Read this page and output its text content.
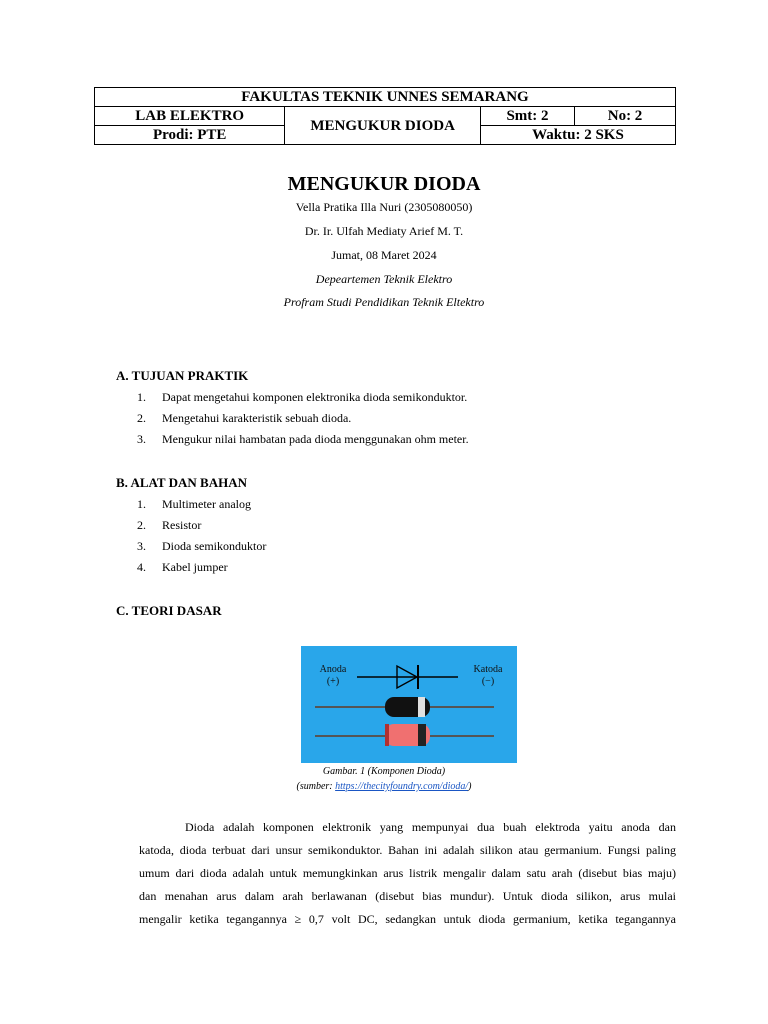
FAKULTAS TEKNIK UNNES SEMARANG			
LAB ELEKTRO	MENGUKUR DIODA	Smt: 2	No: 2
Prodi: PTE		Waktu: 2 SKS	
MENGUKUR DIODA
Vella Pratika Illa Nuri (2305080050)
Dr. Ir. Ulfah Mediaty Arief M. T.
Jumat, 08 Maret 2024
Depeartemen Teknik Elektro
Profram Studi Pendidikan Teknik Eltektro
A. TUJUAN PRAKTIK
1. Dapat mengetahui komponen elektronika dioda semikonduktor.
2. Mengetahui karakteristik sebuah dioda.
3. Mengukur nilai hambatan pada dioda menggunakan ohm meter.
B. ALAT DAN BAHAN
1. Multimeter analog
2. Resistor
3. Dioda semikonduktor
4. Kabel jumper
C. TEORI DASAR
Anoda
(+)
Katoda
(−)
Gambar. 1 (Komponen Dioda)
(sumber: https://thecityfoundry.com/dioda/)
Dioda adalah komponen elektronik yang mempunyai dua buah elektroda yaitu anoda dan
katoda, dioda terbuat dari unsur semikonduktor. Bahan ini adalah silikon atau germanium. Fungsi paling
umum dari dioda adalah untuk memungkinkan arus listrik mengalir dalam satu arah (disebut bias maju)
dan menahan arus dalam arah berlawanan (disebut bias mundur). Untuk dioda silikon, arus mulai
mengalir ketika tegangannya ≥ 0,7 volt DC, sedangkan untuk dioda germanium, ketika tegangannya
